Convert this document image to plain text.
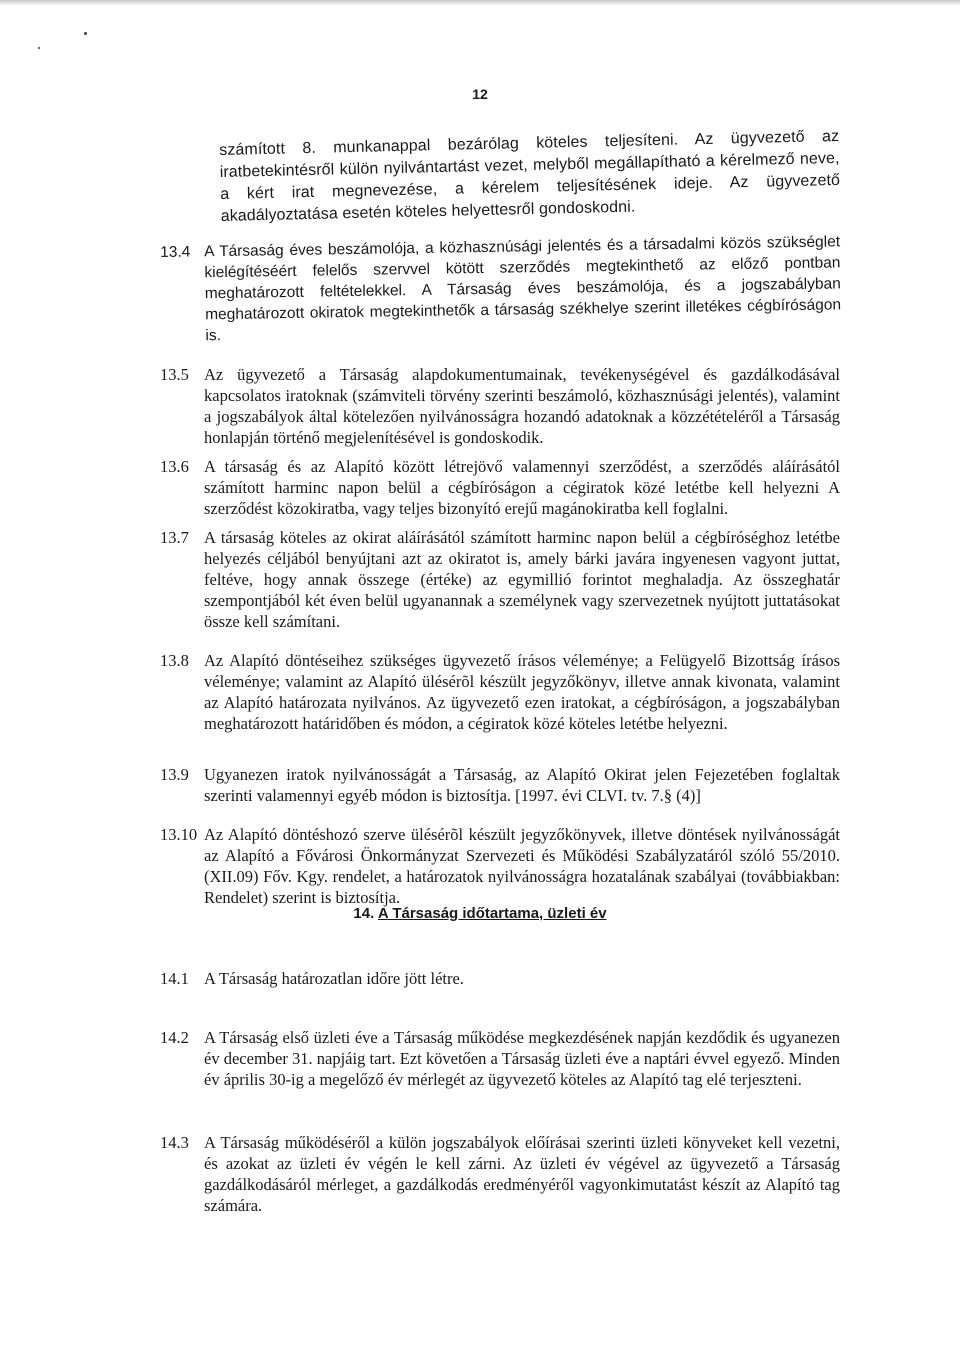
12
számított 8. munkanappal bezárólag köteles teljesíteni. Az ügyvezető az iratbetekintésről külön nyilvántartást vezet, melyből megállapítható a kérelmező neve, a kért irat megnevezése, a kérelem teljesítésének ideje. Az ügyvezető akadályoztatása esetén köteles helyettesről gondoskodni.
13.4 A Társaság éves beszámolója, a közhasznúsági jelentés és a társadalmi közös szükséglet kielégítéséért felelős szervvel kötött szerződés megtekinthető az előző pontban meghatározott feltételekkel. A Társaság éves beszámolója, és a jogszabályban meghatározott okiratok megtekinthetők a társaság székhelye szerint illetékes cégbíróságon is.
13.5 Az ügyvezető a Társaság alapdokumentumainak, tevékenységével és gazdálkodásával kapcsolatos iratoknak (számviteli törvény szerinti beszámoló, közhasznúsági jelentés), valamint a jogszabályok által kötelezően nyilvánosságra hozandó adatoknak a közzétételéről a Társaság honlapján történő megjelenítésével is gondoskodik.
13.6 A társaság és az Alapító között létrejövő valamennyi szerződést, a szerződés aláírásától számított harminc napon belül a cégbíróságon a cégiratok közé letétbe kell helyezni A szerződést közokiratba, vagy teljes bizonyító erejű magánokiratba kell foglalni.
13.7 A társaság köteles az okirat aláírásától számított harminc napon belül a cégbíróséghoz letétbe helyezés céljából benyújtani azt az okiratot is, amely bárki javára ingyenesen vagyont juttat, feltéve, hogy annak összege (értéke) az egymillió forintot meghaladja. Az összeghatár szempontjából két éven belül ugyanannak a személynek vagy szervezetnek nyújtott juttatásokat össze kell számítani.
13.8 Az Alapító döntéseihez szükséges ügyvezető írásos véleménye; a Felügyelő Bizottság írásos véleménye; valamint az Alapító ülésérõl készült jegyzőkönyv, illetve annak kivonata, valamint az Alapító határozata nyilvános. Az ügyvezető ezen iratokat, a cégbíróságon, a jogszabályban meghatározott határidőben és módon, a cégiratok közé köteles letétbe helyezni.
13.9 Ugyanezen iratok nyilvánosságát a Társaság, az Alapító Okirat jelen Fejezetében foglaltak szerinti valamennyi egyéb módon is biztosítja. [1997. évi CLVI. tv. 7.§ (4)]
13.10 Az Alapító döntéshozó szerve ülésérõl készült jegyzőkönyvek, illetve döntések nyilvánosságát az Alapító a Fővárosi Önkormányzat Szervezeti és Működési Szabályzatáról szóló 55/2010. (XII.09) Főv. Kgy. rendelet, a határozatok nyilvánosságra hozatalának szabályai (továbbiakban: Rendelet) szerint is biztosítja.
14. A Társaság időtartama, üzleti év
14.1 A Társaság határozatlan időre jött létre.
14.2 A Társaság első üzleti éve a Társaság működése megkezdésének napján kezdődik és ugyanezen év december 31. napjáig tart. Ezt követően a Társaság üzleti éve a naptári évvel egyező. Minden év április 30-ig a megelőző év mérlegét az ügyvezető köteles az Alapító tag elé terjeszteni.
14.3 A Társaság működéséről a külön jogszabályok előírásai szerinti üzleti könyveket kell vezetni, és azokat az üzleti év végén le kell zárni. Az üzleti év végével az ügyvezető a Társaság gazdálkodásáról mérleget, a gazdálkodás eredményéről vagyonkimutatást készít az Alapító tag számára.
